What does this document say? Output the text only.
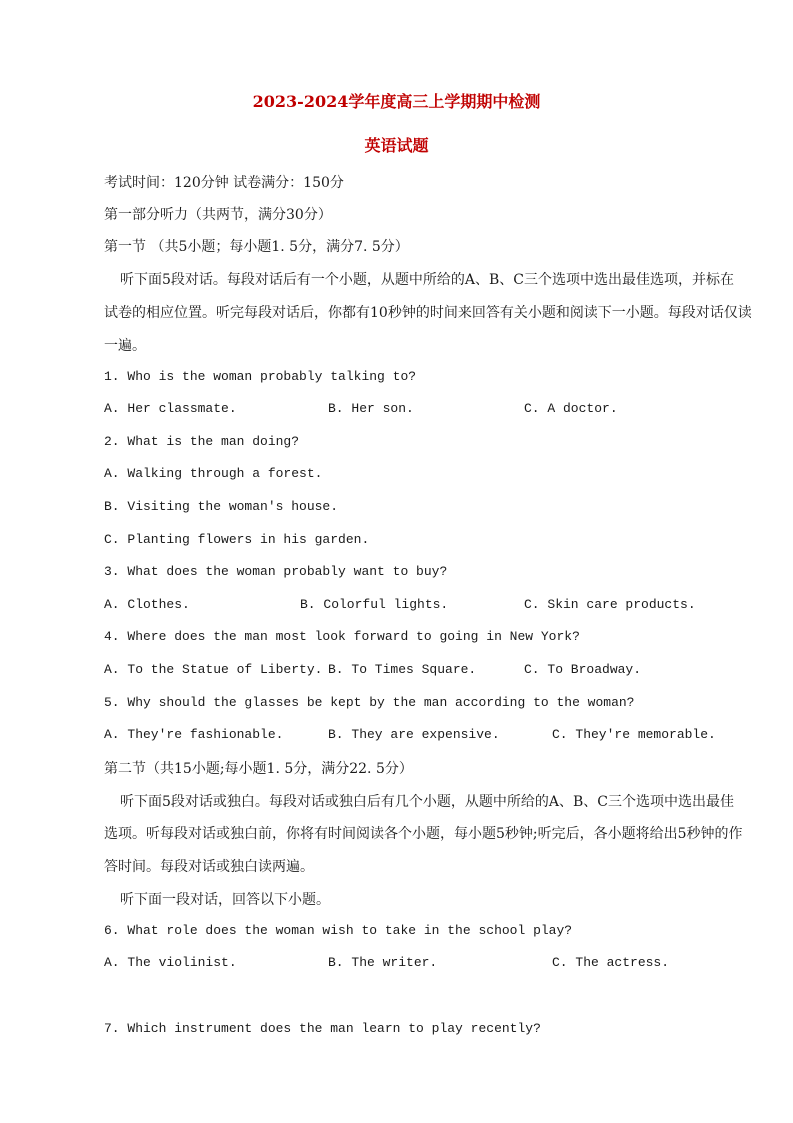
2023-2024学年度高三上学期期中检测
英语试题
考试时间：120分钟 试卷满分：150分
第一部分听力（共两节，满分30分）
第一节 （共5小题；每小题1. 5分，满分7. 5分）
听下面5段对话。每段对话后有一个小题，从题中所给的A、B、C三个选项中选出最佳选项，并标在
试卷的相应位置。听完每段对话后，你都有10秒钟的时间来回答有关小题和阅读下一小题。每段对话仅读
一遍。
1. Who is the woman probably talking to?
A. Her classmate.	B. Her son.	C. A doctor.
2. What is the man doing?
A. Walking through a forest.
B. Visiting the woman's house.
C. Planting flowers in his garden.
3. What does the woman probably want to buy?
A. Clothes.	B. Colorful lights.	C. Skin care products.
4. Where does the man most look forward to going in New York?
A. To the Statue of Liberty. B. To Times Square.	C. To Broadway.
5. Why should the glasses be kept by the man according to the woman?
A. They're fashionable.	B. They are expensive.	C. They're memorable.
第二节（共15小题;每小题1. 5分，满分22. 5分）
听下面5段对话或独白。每段对话或独白后有几个小题，从题中所给的A、B、C三个选项中选出最佳
选项。听每段对话或独白前，你将有时间阅读各个小题，每小题5秒钟;听完后，各小题将给出5秒钟的作
答时间。每段对话或独白读两遍。
听下面一段对话，回答以下小题。
6. What role does the woman wish to take in the school play?
A. The violinist.	B. The writer.	C. The actress.
7. Which instrument does the man learn to play recently?
